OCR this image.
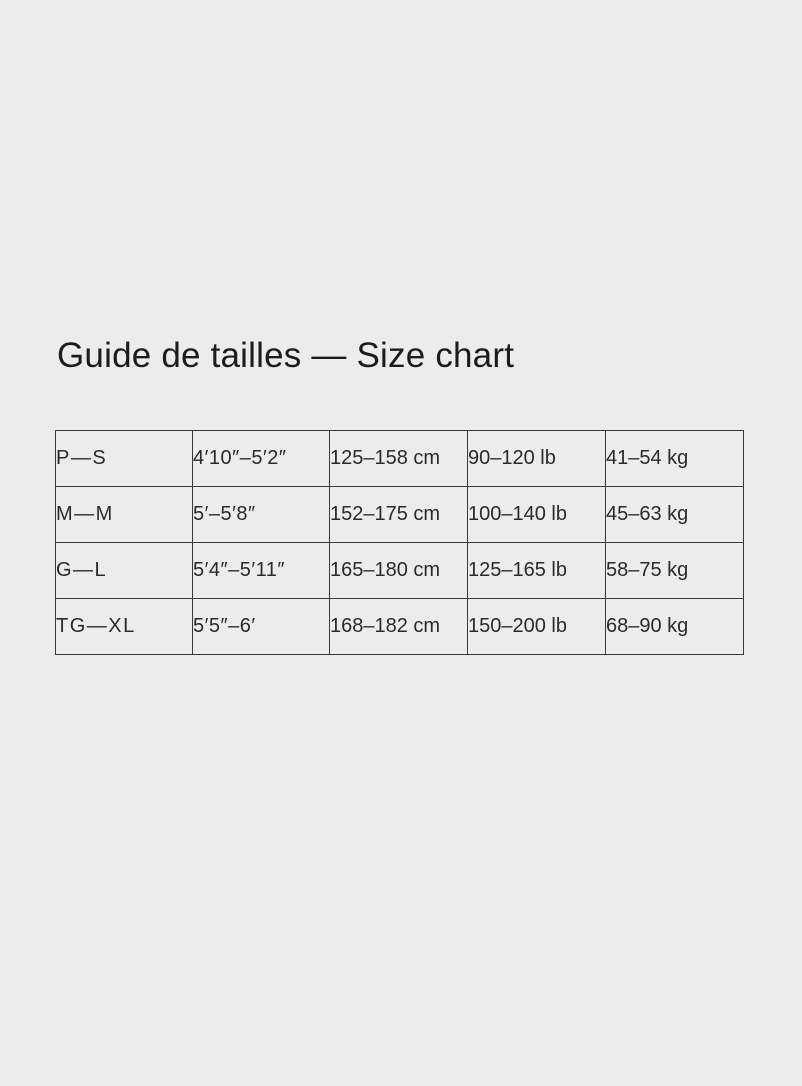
Guide de tailles — Size chart
P—S	4′10″–5′2″	125–158 cm	90–120 lb	41–54 kg
M—M	5′–5′8″	152–175 cm	100–140 lb	45–63 kg
G—L	5′4″–5′11″	165–180 cm	125–165 lb	58–75 kg
TG—XL	5′5″–6′	168–182 cm	150–200 lb	68–90 kg
